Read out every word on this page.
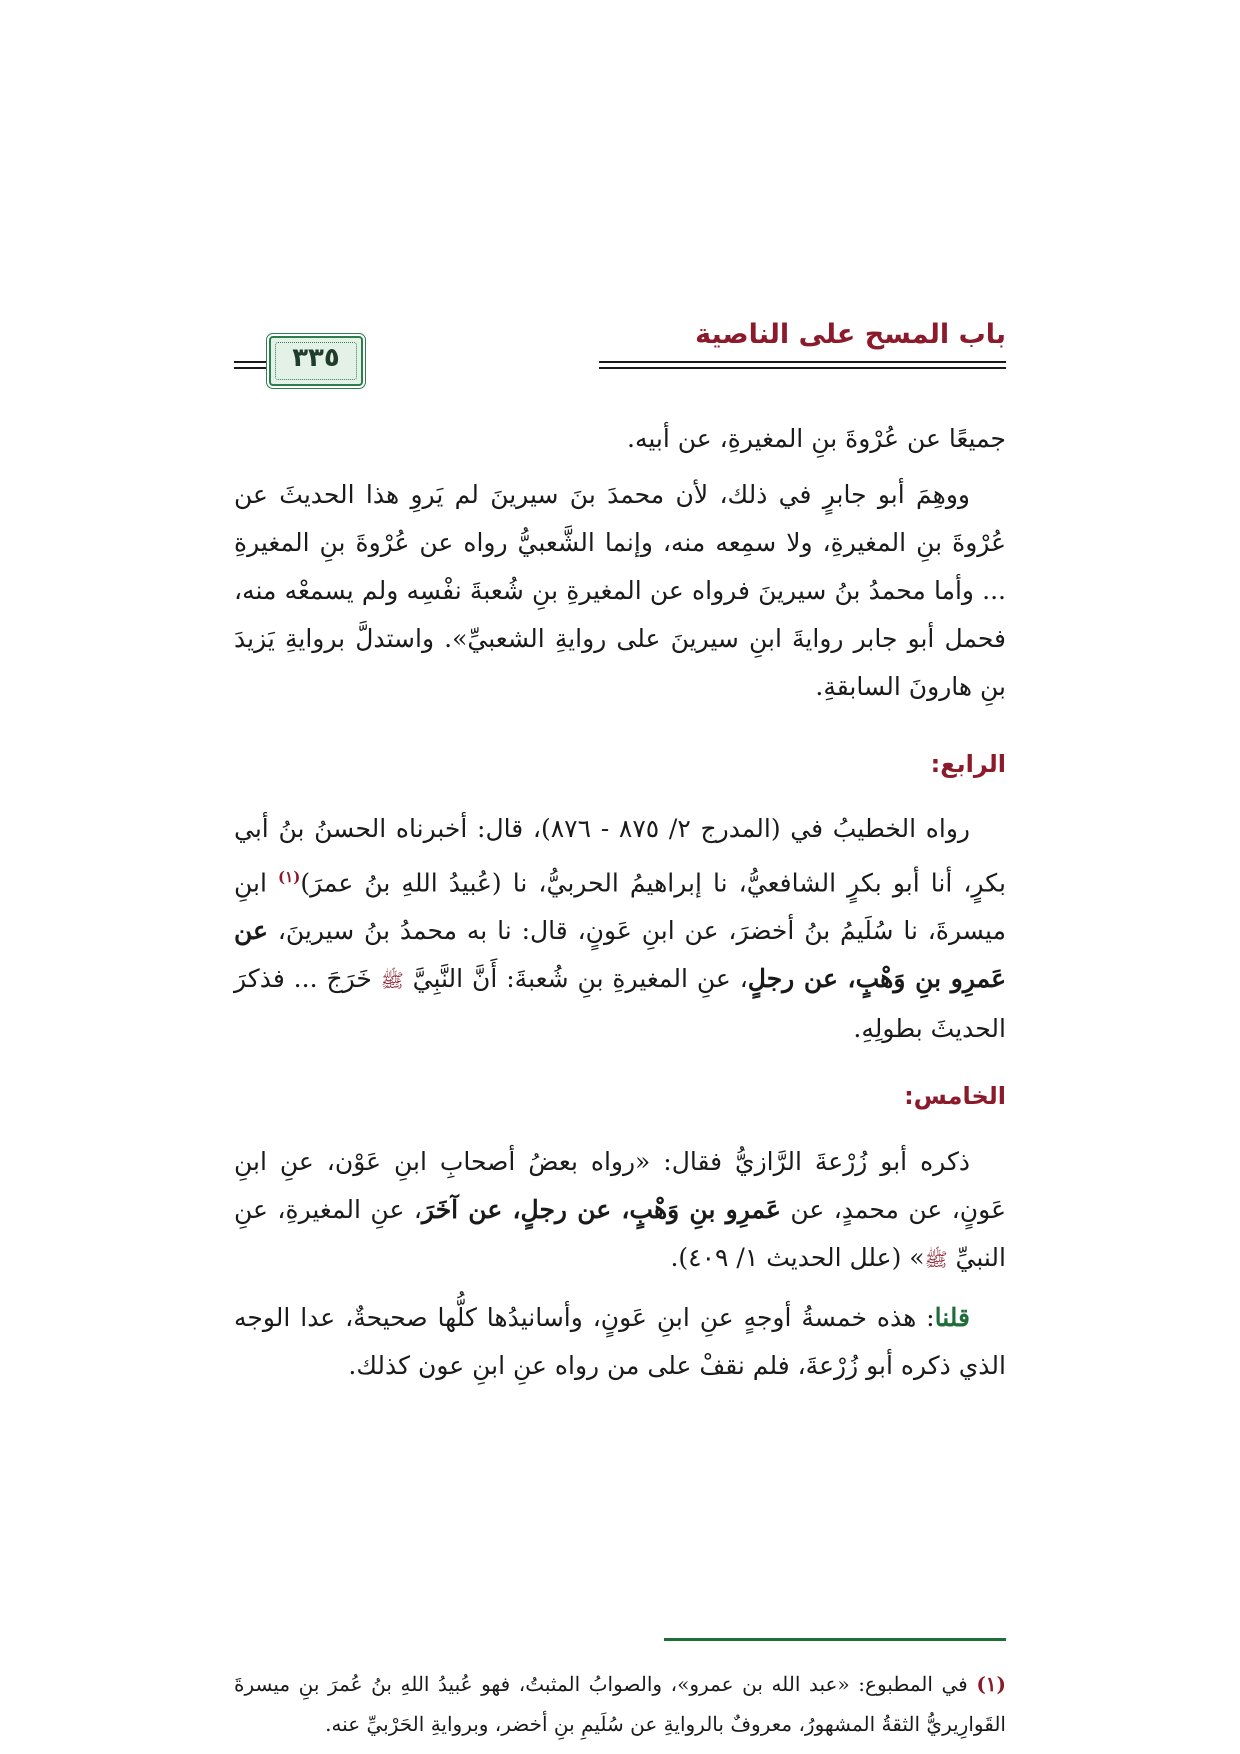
باب المسح على الناصية
٣٣٥

جميعًا عن عُرْوةَ بنِ المغيرةِ، عن أبيه.

ووهِمَ أبو جابرٍ في ذلك، لأن محمدَ بنَ سيرينَ لم يَروِ هذا الحديثَ عن عُرْوةَ بنِ المغيرةِ، ولا سمِعه منه، وإنما الشَّعبيُّ رواه عن عُرْوةَ بنِ المغيرةِ ... وأما محمدُ بنُ سيرينَ فرواه عن المغيرةِ بنِ شُعبةَ نفْسِه ولم يسمعْه منه، فحمل أبو جابر روايةَ ابنِ سيرينَ على روايةِ الشعبيِّ». واستدلَّ بروايةِ يَزيدَ بنِ هارونَ السابقةِ.

الرابع:

رواه الخطيبُ في (المدرج ٢/ ٨٧٥ - ٨٧٦)، قال: أخبرناه الحسنُ بنُ أبي بكرٍ، أنا أبو بكرٍ الشافعيُّ، نا إبراهيمُ الحربيُّ، نا (عُبيدُ اللهِ بنُ عمرَ)$^{(١)}$ ابنِ ميسرةَ، نا سُلَيمُ بنُ أخضرَ، عن ابنِ عَونٍ، قال: نا به محمدُ بنُ سيرينَ، عن عَمرِو بنِ وَهْبٍ، عن رجلٍ، عنِ المغيرةِ بنِ شُعبةَ: أَنَّ النَّبِيَّ ﷺ خَرَجَ ... فذكرَ الحديثَ بطولِهِ.

الخامس:

ذكره أبو زُرْعةَ الرَّازيُّ فقال: «رواه بعضُ أصحابِ ابنِ عَوْن، عنِ ابنِ عَونٍ، عن محمدٍ، عن عَمرِو بنِ وَهْبٍ، عن رجلٍ، عن آخَرَ، عنِ المغيرةِ، عنِ النبيِّ ﷺ» (علل الحديث ١/ ٤٠٩).

قلنا: هذه خمسةُ أوجهٍ عنِ ابنِ عَونٍ، وأسانيدُها كلُّها صحيحةٌ، عدا الوجه الذي ذكره أبو زُرْعةَ، فلم نقفْ على من رواه عنِ ابنِ عون كذلك.

(١) في المطبوع: «عبد الله بن عمرو»، والصوابُ المثبتُ، فهو عُبيدُ اللهِ بنُ عُمرَ بنِ ميسرةَ القَوارِيريُّ الثقةُ المشهورُ، معروفٌ بالروايةِ عن سُلَيمِ بنِ أخضر، وبروايةِ الحَرْبيِّ عنه.
